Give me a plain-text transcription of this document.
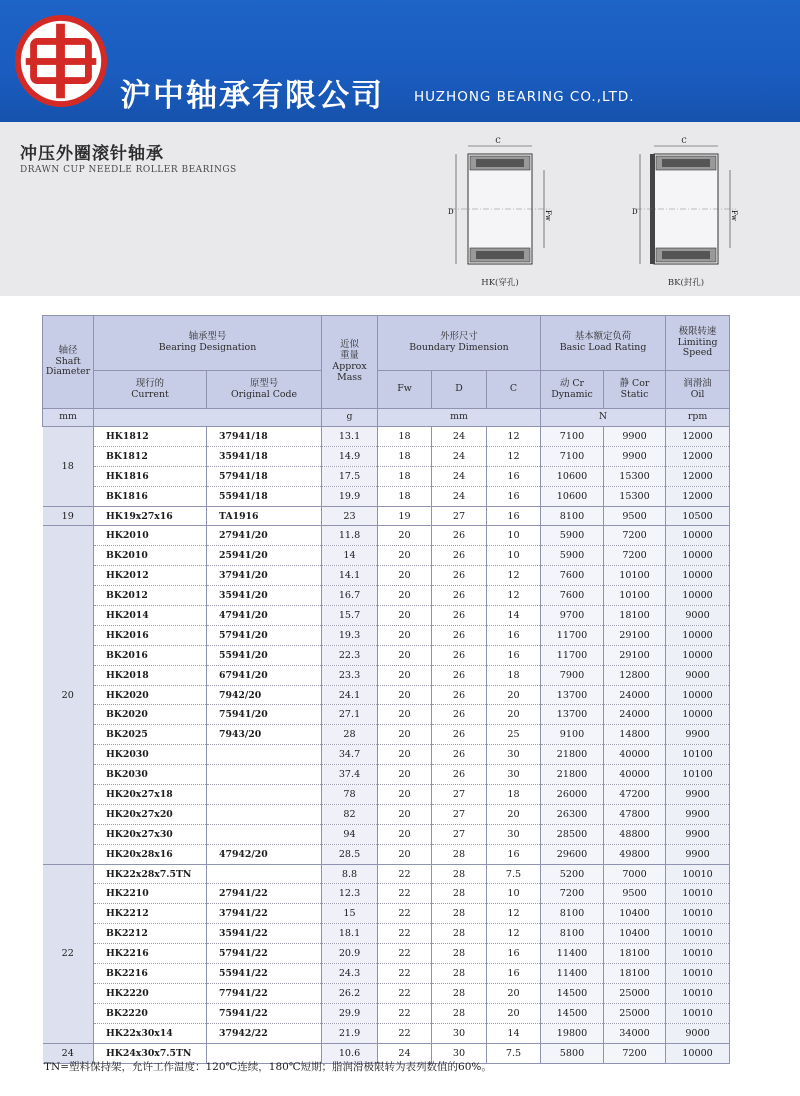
沪中轴承有限公司 HUZHONG BEARING CO.,LTD.
冲压外圈滚针轴承
DRAWN CUP NEEDLE ROLLER BEARINGS
C
D	Fw
HK(穿孔)
C
D	Fw
BK(封孔)
轴径
Shaft
Diameter	轴承型号
Bearing Designation		近似
重量
Approx
Mass	外形尺寸
Boundary Dimension			基本额定负荷
Basic Load Rating		极限转速
Limiting
Speed
	现行的
Current	原型号
Original Code		Fw	D	C	动 Cr
Dynamic	静 Cor
Static	润滑油
Oil
mm			g	mm			N		rpm
18	HK1812	37941/18	13.1	18	24	12	7100	9900	12000
	BK1812	35941/18	14.9	18	24	12	7100	9900	12000
	HK1816	57941/18	17.5	18	24	16	10600	15300	12000
	BK1816	55941/18	19.9	18	24	16	10600	15300	12000
19	HK19x27x16	TA1916	23	19	27	16	8100	9500	10500
20	HK2010	27941/20	11.8	20	26	10	5900	7200	10000
	BK2010	25941/20	14	20	26	10	5900	7200	10000
	HK2012	37941/20	14.1	20	26	12	7600	10100	10000
	BK2012	35941/20	16.7	20	26	12	7600	10100	10000
	HK2014	47941/20	15.7	20	26	14	9700	18100	9000
	HK2016	57941/20	19.3	20	26	16	11700	29100	10000
	BK2016	55941/20	22.3	20	26	16	11700	29100	10000
	HK2018	67941/20	23.3	20	26	18	7900	12800	9000
	HK2020	7942/20	24.1	20	26	20	13700	24000	10000
	BK2020	75941/20	27.1	20	26	20	13700	24000	10000
	BK2025	7943/20	28	20	26	25	9100	14800	9900
	HK2030		34.7	20	26	30	21800	40000	10100
	BK2030		37.4	20	26	30	21800	40000	10100
	HK20x27x18		78	20	27	18	26000	47200	9900
	HK20x27x20		82	20	27	20	26300	47800	9900
	HK20x27x30		94	20	27	30	28500	48800	9900
	HK20x28x16	47942/20	28.5	20	28	16	29600	49800	9900
22	HK22x28x7.5TN		8.8	22	28	7.5	5200	7000	10010
	HK2210	27941/22	12.3	22	28	10	7200	9500	10010
	HK2212	37941/22	15	22	28	12	8100	10400	10010
	BK2212	35941/22	18.1	22	28	12	8100	10400	10010
	HK2216	57941/22	20.9	22	28	16	11400	18100	10010
	BK2216	55941/22	24.3	22	28	16	11400	18100	10010
	HK2220	77941/22	26.2	22	28	20	14500	25000	10010
	BK2220	75941/22	29.9	22	28	20	14500	25000	10010
	HK22x30x14	37942/22	21.9	22	30	14	19800	34000	9000
24	HK24x30x7.5TN		10.6	24	30	7.5	5800	7200	10000
TN=塑料保持架，允许工作温度：120℃连续，180℃短期；脂润滑极限转为表列数值的60%。
